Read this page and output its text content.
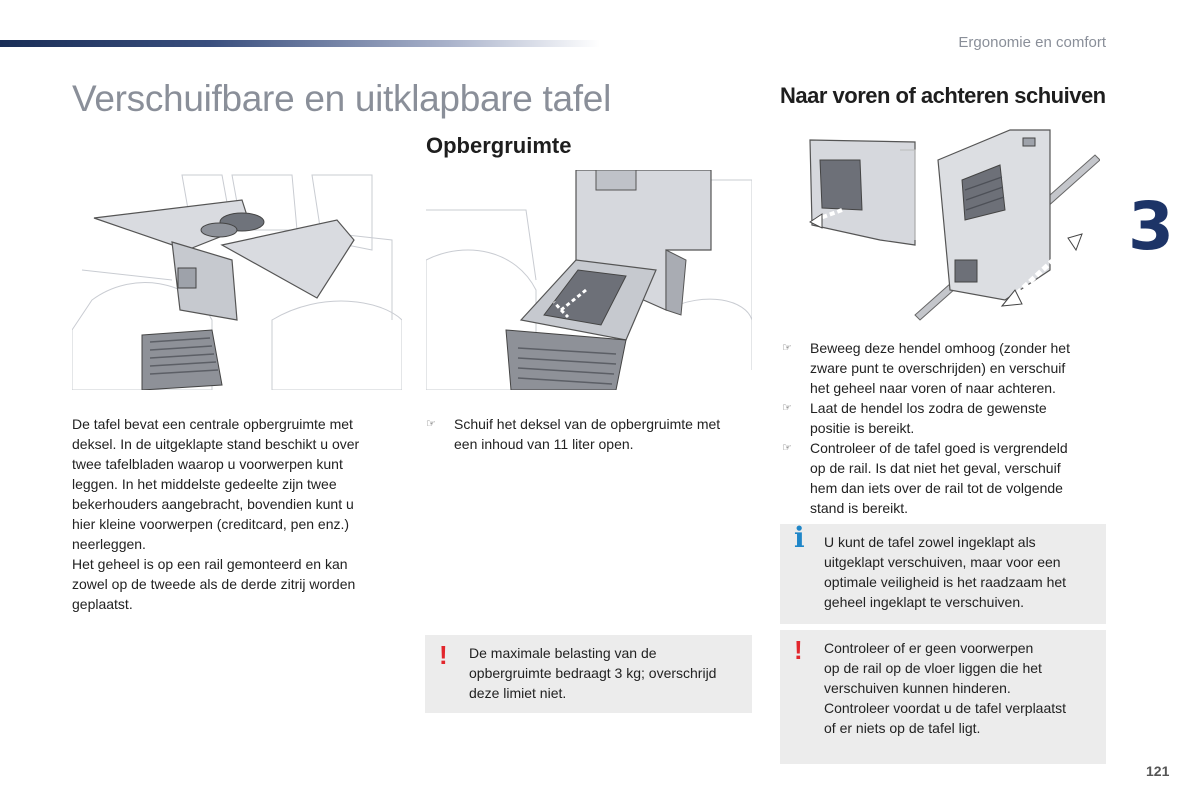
Ergonomie en comfort
3
121
Verschuifbare en uitklapbare tafel
Opbergruimte
Naar voren of achteren schuiven

De tafel bevat een centrale opbergruimte met

deksel. In de uitgeklapte stand beschikt u over

twee tafelbladen waarop u voorwerpen kunt

leggen. In het middelste gedeelte zijn twee

bekerhouders aangebracht, bovendien kunt u

hier kleine voorwerpen (creditcard, pen enz.)

neerleggen.

Het geheel is op een rail gemonteerd en kan

zowel op de tweede als de derde zitrij worden

geplaatst.

☞ Schuif het deksel van de opbergruimte met
een inhoud van 11 liter open.
! De maximale belasting van de

opbergruimte bedraagt 3 kg; overschrijd

deze limiet niet.

☞ Beweeg deze hendel omhoog (zonder het
zware punt te overschrijden) en verschuif
het geheel naar voren of naar achteren.
☞ Laat de hendel los zodra de gewenste
positie is bereikt.
☞ Controleer of de tafel goed is vergrendeld
op de rail. Is dat niet het geval, verschuif
hem dan iets over de rail tot de volgende
stand is bereikt.
i U kunt de tafel zowel ingeklapt als

uitgeklapt verschuiven, maar voor een

optimale veiligheid is het raadzaam het

geheel ingeklapt te verschuiven.

! Controleer of er geen voorwerpen

op de rail op de vloer liggen die het

verschuiven kunnen hinderen.

Controleer voordat u de tafel verplaatst

of er niets op de tafel ligt.
